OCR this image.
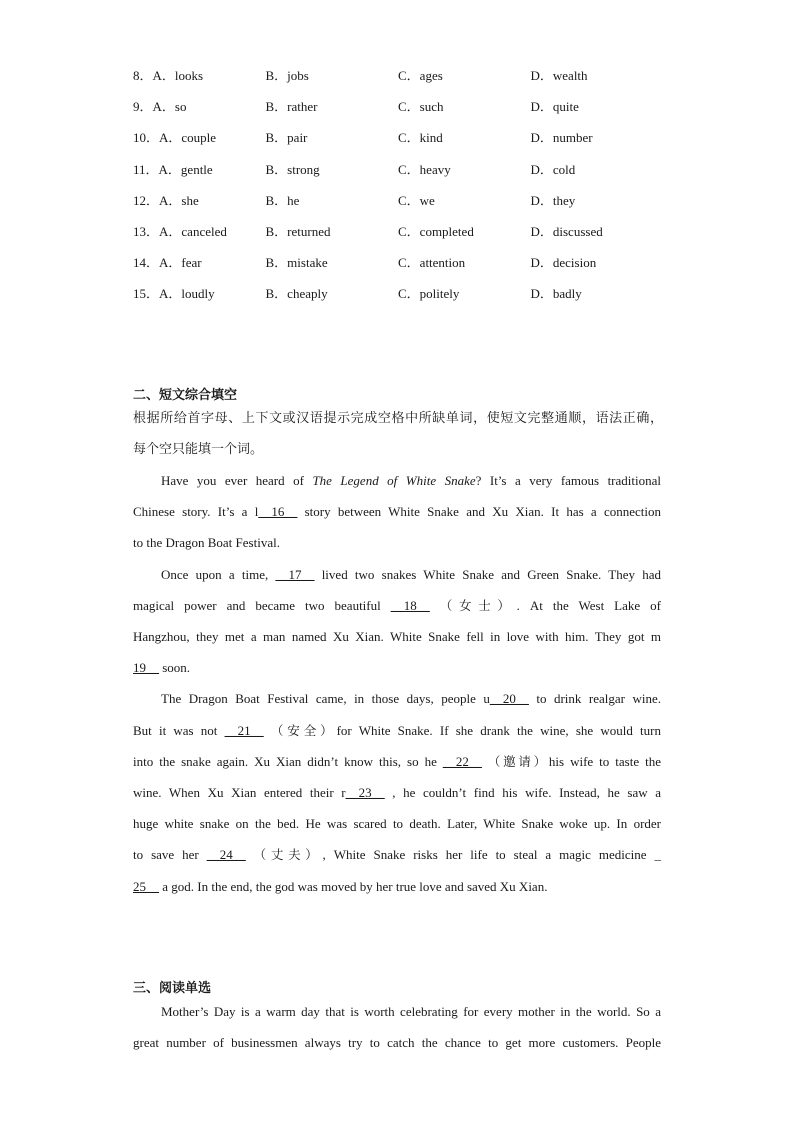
8．A．looks	B．jobs	C．ages	D．wealth
9．A．so	B．rather	C．such	D．quite
10．A．couple	B．pair	C．kind	D．number
11．A．gentle	B．strong	C．heavy	D．cold
12．A．she	B．he	C．we	D．they
13．A．canceled	B．returned	C．completed	D．discussed
14．A．fear	B．mistake	C．attention	D．decision
15．A．loudly	B．cheaply	C．politely	D．badly
二、短文综合填空
根据所给首字母、上下文或汉语提示完成空格中所缺单词，使短文完整通顺，语法正确，
每个空只能填一个词。
Have you ever heard of The Legend of White Snake? It’s a very famous traditional
Chinese story. It’s a l__16__ story between White Snake and Xu Xian. It has a connection
to the Dragon Boat Festival.
Once upon a time, __17__ lived two snakes White Snake and Green Snake. They had
magical power and became two beautiful __18__ （女士）. At the West Lake of
Hangzhou, they met a man named Xu Xian. White Snake fell in love with him. They got m
19__ soon.
The Dragon Boat Festival came, in those days, people u__20__ to drink realgar wine.
But it was not __21__ （安全）for White Snake. If she drank the wine, she would turn
into the snake again. Xu Xian didn’t know this, so he __22__ （邀请）his wife to taste the
wine. When Xu Xian entered their r__23__ , he couldn’t find his wife. Instead, he saw a
huge white snake on the bed. He was scared to death. Later, White Snake woke up. In order
to save her __24__ （丈夫）, White Snake risks her life to steal a magic medicine _
25__ a god. In the end, the god was moved by her true love and saved Xu Xian.
三、阅读单选
Mother’s Day is a warm day that is worth celebrating for every mother in the world. So a
great number of businessmen always try to catch the chance to get more customers. People
